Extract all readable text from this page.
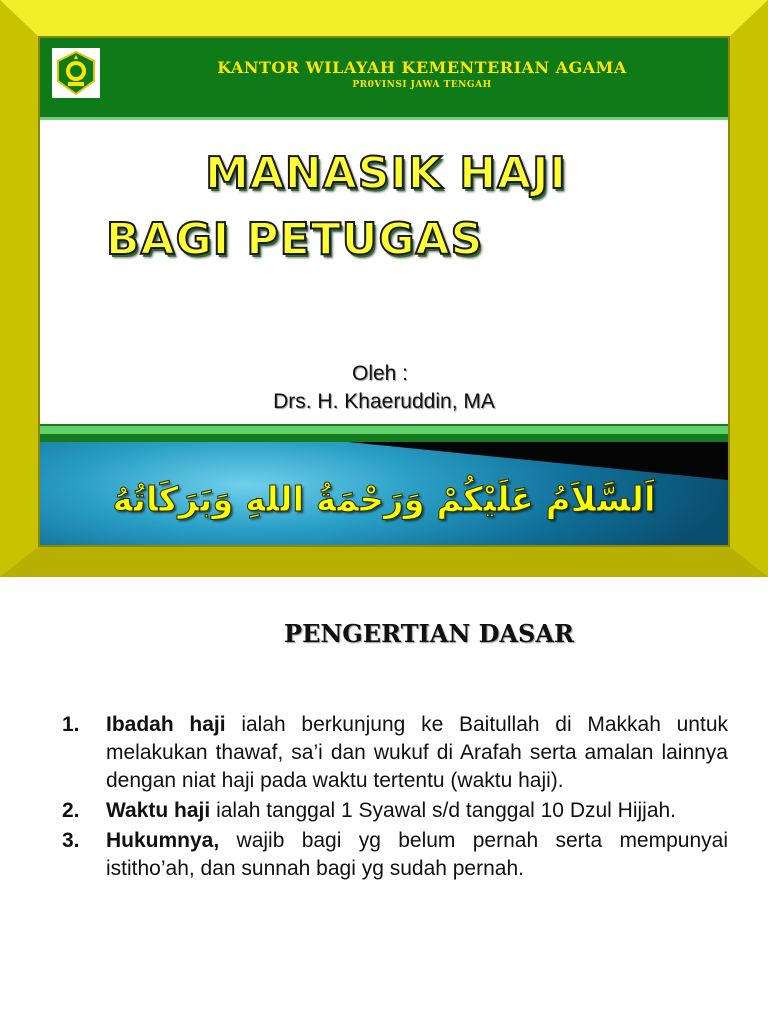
KANTOR WILAYAH KEMENTERIAN AGAMA
PR0VINSI JAWA TENGAH
MANASIK HAJI
BAGI PETUGAS
Oleh :
Drs. H. Khaeruddin, MA
اَلسَّلاَمُ عَلَيْكُمْ وَرَحْمَةُ اللهِ وَبَرَكَاتُهُ
PENGERTIAN DASAR
1. Ibadah haji ialah berkunjung ke Baitullah di Makkah untuk melakukan thawaf, sa’i dan wukuf di Arafah serta amalan lainnya dengan niat haji pada waktu tertentu (waktu haji).
2. Waktu haji ialah tanggal 1 Syawal s/d tanggal 10 Dzul Hijjah.
3. Hukumnya, wajib bagi yg belum pernah serta mempunyai istitho’ah, dan sunnah bagi yg sudah pernah.
